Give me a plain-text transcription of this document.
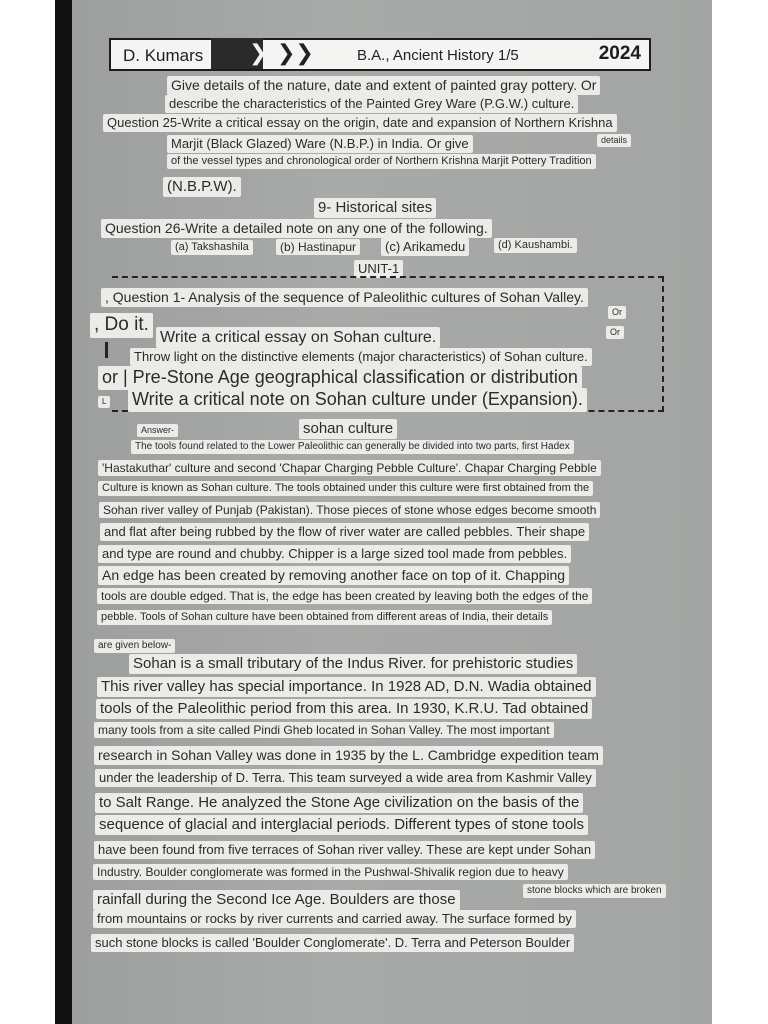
D. Kumars ❯❯
❯❯	B.A., Ancient History 1/5	2024
Give details of the nature, date and extent of painted gray pottery. Or
describe the characteristics of the Painted Grey Ware (P.G.W.) culture.
Question 25-Write a critical essay on the origin, date and expansion of Northern Krishna
Marjit (Black Glazed) Ware (N.B.P.) in India. Or give	details
of the vessel types and chronological order of Northern Krishna Marjit Pottery Tradition
(N.B.P.W).
9- Historical sites
Question 26-Write a detailed note on any one of the following.
(a) Takshashila	(b) Hastinapur	(c) Arikamedu	(d) Kaushambi.
UNIT-1
, Question 1- Analysis of the sequence of Paleolithic cultures of Sohan Valley.
Or
, Do it.
Write a critical essay on Sohan culture.	Or
Throw light on the distinctive elements (major characteristics) of Sohan culture.
or | Pre-Stone Age geographical classification or distribution
L Write a critical note on Sohan culture under (Expansion).
Answer-	sohan culture
The tools found related to the Lower Paleolithic can generally be divided into two parts, first Hadex
'Hastakuthar' culture and second 'Chapar Charging Pebble Culture'. Chapar Charging Pebble
Culture is known as Sohan culture. The tools obtained under this culture were first obtained from the
Sohan river valley of Punjab (Pakistan). Those pieces of stone whose edges become smooth
and flat after being rubbed by the flow of river water are called pebbles. Their shape
and type are round and chubby. Chipper is a large sized tool made from pebbles.
An edge has been created by removing another face on top of it. Chapping
tools are double edged. That is, the edge has been created by leaving both the edges of the
pebble. Tools of Sohan culture have been obtained from different areas of India, their details
are given below-
Sohan is a small tributary of the Indus River. for prehistoric studies
This river valley has special importance. In 1928 AD, D.N. Wadia obtained
tools of the Paleolithic period from this area. In 1930, K.R.U. Tad obtained
many tools from a site called Pindi Gheb located in Sohan Valley. The most important
research in Sohan Valley was done in 1935 by the L. Cambridge expedition team
under the leadership of D. Terra. This team surveyed a wide area from Kashmir Valley
to Salt Range. He analyzed the Stone Age civilization on the basis of the
sequence of glacial and interglacial periods. Different types of stone tools
have been found from five terraces of Sohan river valley. These are kept under Sohan
Industry. Boulder conglomerate was formed in the Pushwal-Shivalik region due to heavy
rainfall during the Second Ice Age. Boulders are those
stone blocks which are broken
from mountains or rocks by river currents and carried away. The surface formed by
such stone blocks is called 'Boulder Conglomerate'. D. Terra and Peterson Boulder
